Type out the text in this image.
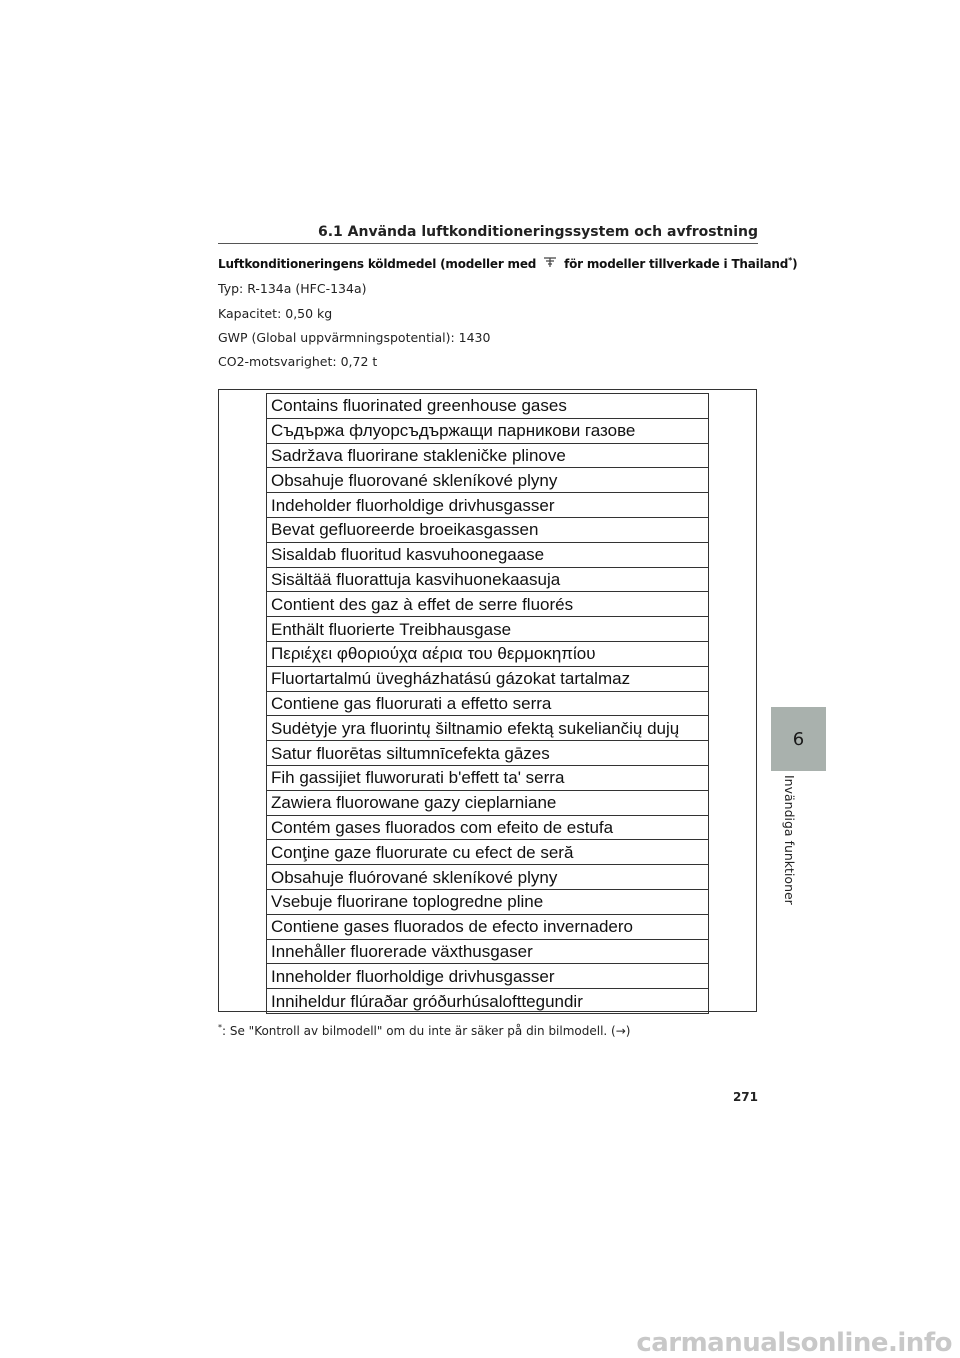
6.1 Använda luftkonditioneringssystem och avfrostning
Luftkonditioneringens köldmedel (modeller med  för modeller tillverkade i Thailand*)
Typ: R-134a (HFC-134a)
Kapacitet: 0,50 kg
GWP (Global uppvärmningspotential): 1430
CO2-motsvarighet: 0,72 t
Contains fluorinated greenhouse gases
Съдържа флуорсъдържащи парникови газове
Sadržava fluorirane stakleničke plinove
Obsahuje fluorované skleníkové plyny
Indeholder fluorholdige drivhusgasser
Bevat gefluoreerde broeikasgassen
Sisaldab fluoritud kasvuhoonegaase
Sisältää fluorattuja kasvihuonekaasuja
Contient des gaz à effet de serre fluorés
Enthält fluorierte Treibhausgase
Περιέχει φθοριούχα αέρια του θερμοκηπίου
Fluortartalmú üvegházhatású gázokat tartalmaz
Contiene gas fluorurati a effetto serra
Sudėtyje yra fluorintų šiltnamio efektą sukeliančių dujų
Satur fluorētas siltumnīcefekta gāzes
Fih gassijiet fluworurati b'effett ta' serra
Zawiera fluorowane gazy cieplarniane
Contém gases fluorados com efeito de estufa
Conţine gaze fluorurate cu efect de seră
Obsahuje fluórované skleníkové plyny
Vsebuje fluorirane toplogredne pline
Contiene gases fluorados de efecto invernadero
Innehåller fluorerade växthusgaser
Inneholder fluorholdige drivhusgasser
Inniheldur flúraðar gróðurhúsalofttegundir
*: Se "Kontroll av bilmodell" om du inte är säker på din bilmodell. (→)
271
6
Invändiga funktioner
carmanualsonline.info
